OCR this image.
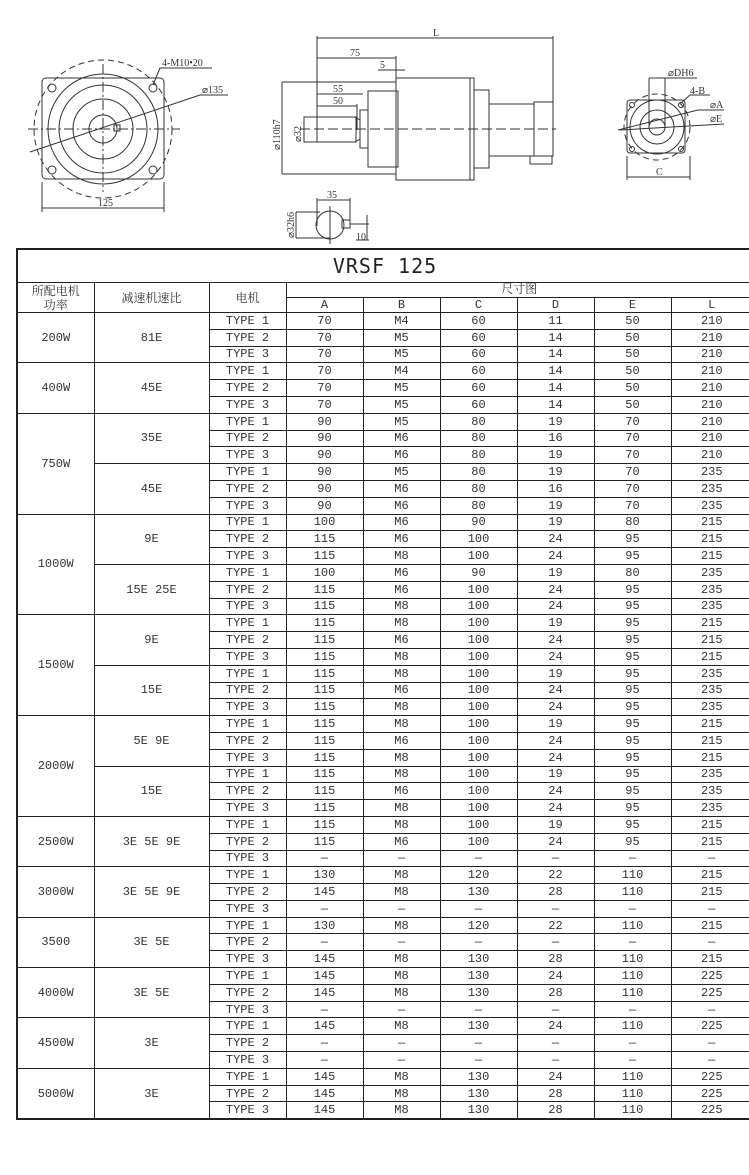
4-M10•20
⌀135
125
L
75
5
55
50
⌀32
⌀110h7
35
⌀32h6	10
⌀DH6
4-B
⌀A
⌀E
C
VRSF 125								

所配电机
功率	减速机速比	电机	尺寸图					
			A	B	C	D	E	L
200W	81E	TYPE 1	70	M4	60	11	50	210
		TYPE 2	70	M5	60	14	50	210
		TYPE 3	70	M5	60	14	50	210
400W	45E	TYPE 1	70	M4	60	14	50	210
		TYPE 2	70	M5	60	14	50	210
		TYPE 3	70	M5	60	14	50	210
750W	35E	TYPE 1	90	M5	80	19	70	210
		TYPE 2	90	M6	80	16	70	210
		TYPE 3	90	M6	80	19	70	210
	45E	TYPE 1	90	M5	80	19	70	235
		TYPE 2	90	M6	80	16	70	235
		TYPE 3	90	M6	80	19	70	235
1000W	9E	TYPE 1	100	M6	90	19	80	215
		TYPE 2	115	M6	100	24	95	215
		TYPE 3	115	M8	100	24	95	215
	15E 25E	TYPE 1	100	M6	90	19	80	235
		TYPE 2	115	M6	100	24	95	235
		TYPE 3	115	M8	100	24	95	235
1500W	9E	TYPE 1	115	M8	100	19	95	215
		TYPE 2	115	M6	100	24	95	215
		TYPE 3	115	M8	100	24	95	215
	15E	TYPE 1	115	M8	100	19	95	235
		TYPE 2	115	M6	100	24	95	235
		TYPE 3	115	M8	100	24	95	235
2000W	5E 9E	TYPE 1	115	M8	100	19	95	215
		TYPE 2	115	M6	100	24	95	215
		TYPE 3	115	M8	100	24	95	215
	15E	TYPE 1	115	M8	100	19	95	235
		TYPE 2	115	M6	100	24	95	235
		TYPE 3	115	M8	100	24	95	235
2500W	3E 5E 9E	TYPE 1	115	M8	100	19	95	215
		TYPE 2	115	M6	100	24	95	215
		TYPE 3	—	—	—	—	—	—
3000W	3E 5E 9E	TYPE 1	130	M8	120	22	110	215
		TYPE 2	145	M8	130	28	110	215
		TYPE 3	—	—	—	—	—	—
3500	3E 5E	TYPE 1	130	M8	120	22	110	215
		TYPE 2	—	—	—	—	—	—
		TYPE 3	145	M8	130	28	110	215
4000W	3E 5E	TYPE 1	145	M8	130	24	110	225
		TYPE 2	145	M8	130	28	110	225
		TYPE 3	—	—	—	—	—	—
4500W	3E	TYPE 1	145	M8	130	24	110	225
		TYPE 2	—	—	—	—	—	—
		TYPE 3	—	—	—	—	—	—
5000W	3E	TYPE 1	145	M8	130	24	110	225
		TYPE 2	145	M8	130	28	110	225
		TYPE 3	145	M8	130	28	110	225
